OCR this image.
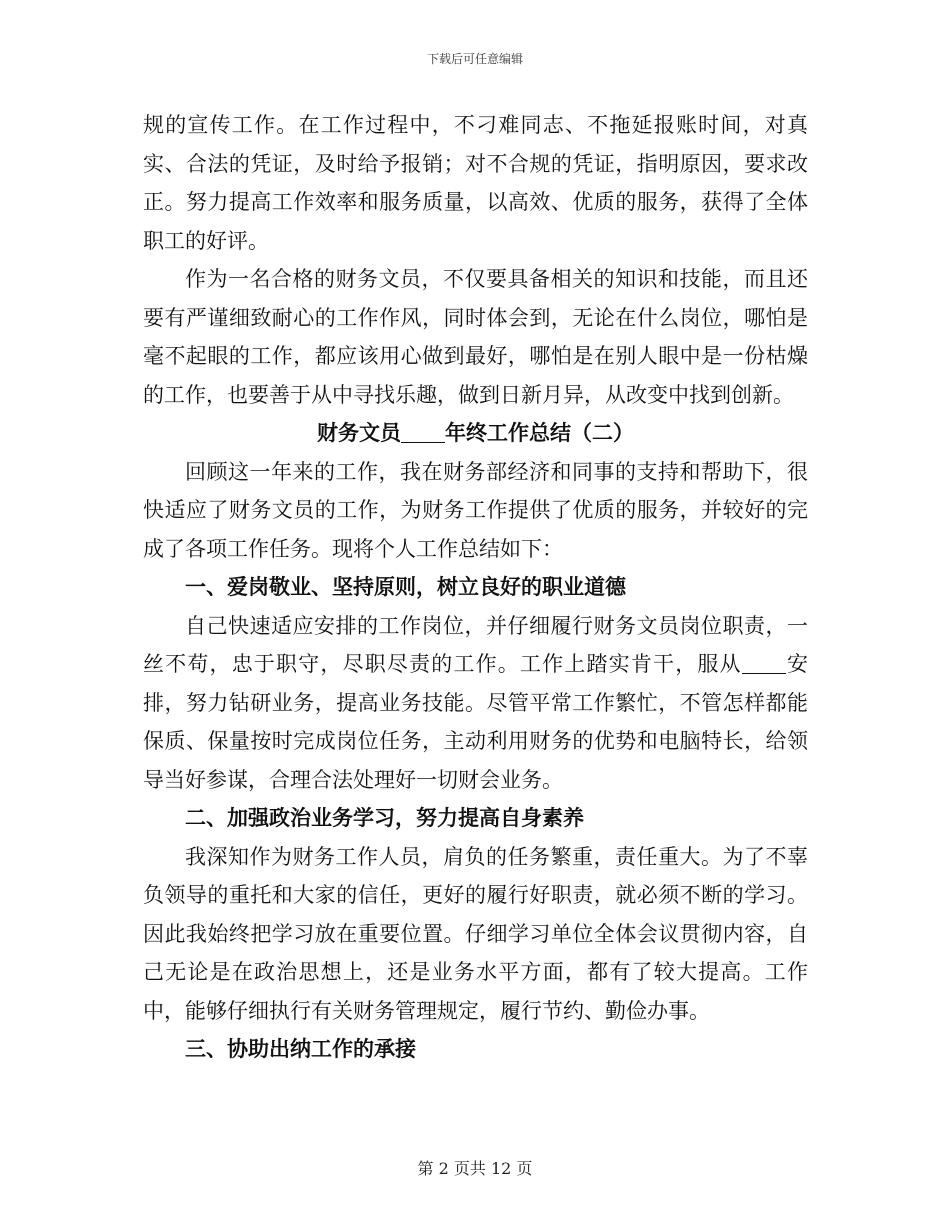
下载后可任意编辑

规的宣传工作。在工作过程中，不刁难同志、不拖延报账时间，对真实、合法的凭证，及时给予报销；对不合规的凭证，指明原因，要求改正。努力提高工作效率和服务质量，以高效、优质的服务，获得了全体职工的好评。

作为一名合格的财务文员，不仅要具备相关的知识和技能，而且还要有严谨细致耐心的工作作风，同时体会到，无论在什么岗位，哪怕是毫不起眼的工作，都应该用心做到最好，哪怕是在别人眼中是一份枯燥的工作，也要善于从中寻找乐趣，做到日新月异，从改变中找到创新。

财务文员 年终工作总结（二）

回顾这一年来的工作，我在财务部经济和同事的支持和帮助下，很快适应了财务文员的工作，为财务工作提供了优质的服务，并较好的完成了各项工作任务。现将个人工作总结如下：

一、爱岗敬业、坚持原则，树立良好的职业道德

自己快速适应安排的工作岗位，并仔细履行财务文员岗位职责，一丝不苟，忠于职守，尽职尽责的工作。工作上踏实肯干，服从 安排，努力钻研业务，提高业务技能。尽管平常工作繁忙，不管怎样都能保质、保量按时完成岗位任务，主动利用财务的优势和电脑特长，给领导当好参谋，合理合法处理好一切财会业务。

二、加强政治业务学习，努力提高自身素养

我深知作为财务工作人员，肩负的任务繁重，责任重大。为了不辜负领导的重托和大家的信任，更好的履行好职责，就必须不断的学习。因此我始终把学习放在重要位置。仔细学习单位全体会议贯彻内容，自己无论是在政治思想上，还是业务水平方面，都有了较大提高。工作中，能够仔细执行有关财务管理规定，履行节约、勤俭办事。

三、协助出纳工作的承接

第 2 页共 12 页
